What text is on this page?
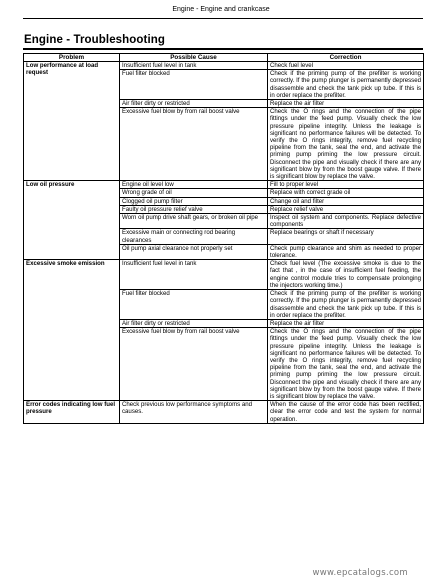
Engine - Engine and crankcase
Engine - Troubleshooting
Problem	Possible Cause	Correction
Low performance at load request	Insufficient fuel level in tank	Check fuel level
	Fuel filter blocked	Check if the priming pump of the prefilter is working correctly. If the pump plunger is permanently depressed disassemble and check the tank pick up tube. If this is in order replace the prefilter.
	Air filter dirty or restricted	Replace the air filter
	Excessive fuel blow by from rail boost valve	Check the O rings and the connection of the pipe fittings under the feed pump. Visually check the low pressure pipeline integrity. Unless the leakage is significant no performance failures will be detected. To verify the O rings integrity, remove fuel recycling pipeline from the tank, seal the end, and activate the priming pump priming the low pressure circuit. Disconnect the pipe and visually check if there are any significant blow by from the boost gauge valve. If there is significant blow by replace the valve.
Low oil pressure	Engine oil level low	Fill to proper level
	Wrong grade of oil	Replace with correct grade oil
	Clogged oil pump filter	Change oil and filter
	Faulty oil pressure relief valve	Replace relief valve
	Worn oil pump drive shaft gears, or broken oil pipe	Inspect oil system and components. Replace defective components
	Excessive main or connecting rod bearing clearances	Replace bearings or shaft if necessary
	Oil pump axial clearance not properly set	Check pump clearance and shim as needed to proper tolerance.
Excessive smoke emission	Insufficient fuel level in tank	Check fuel level (The excessive smoke is due to the fact that , in the case of insufficient fuel feeding, the engine control module tries to compensate prolonging the injectors working time.)
	Fuel filter blocked	Check if the priming pump of the prefilter is working correctly. If the pump plunger is permanently depressed disassemble and check the tank pick up tube. If this is in order replace the prefilter.
	Air filter dirty or restricted	Replace the air filter
	Excessive fuel blow by from rail boost valve	Check the O rings and the connection of the pipe fittings under the feed pump. Visually check the low pressure pipeline integrity. Unless the leakage is significant no performance failures will be detected. To verify the O rings integrity, remove fuel recycling pipeline from the tank, seal the end, and activate the priming pump priming the low pressure circuit. Disconnect the pipe and visually check if there are any significant blow by from the boost gauge valve. If there is significant blow by replace the valve.
Error codes indicating low fuel pressure	Check previous low performance symptoms and causes.	When the cause of the error code has been rectified, clear the error code and test the system for normal operation.
www.epcatalogs.com
